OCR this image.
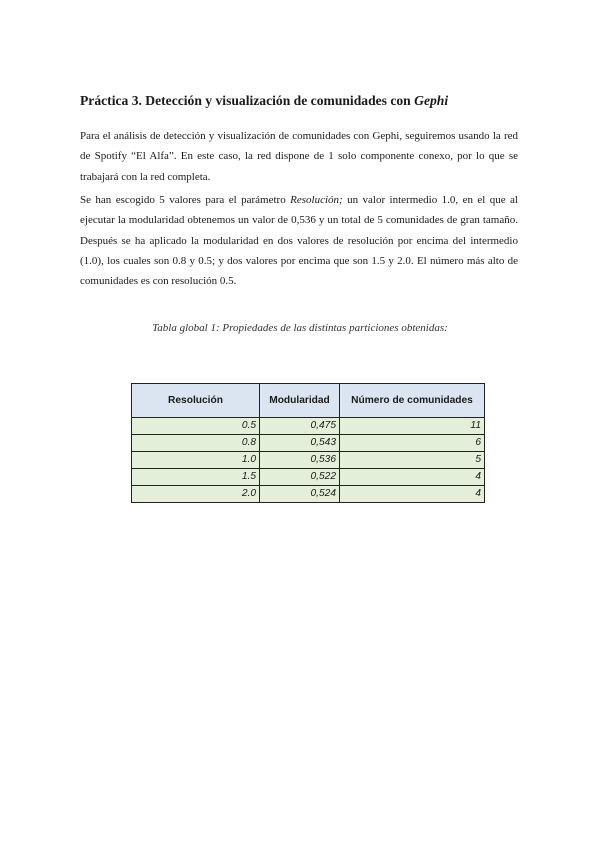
Práctica 3. Detección y visualización de comunidades con Gephi

Para el análisis de detección y visualización de comunidades con Gephi, seguiremos usando la red de Spotify “El Alfa”. En este caso, la red dispone de 1 solo componente conexo, por lo que se trabajará con la red completa.

Se han escogido 5 valores para el parámetro Resolución; un valor intermedio 1.0, en el que al ejecutar la modularidad obtenemos un valor de 0,536 y un total de 5 comunidades de gran tamaño. Después se ha aplicado la modularidad en dos valores de resolución por encima del intermedio (1.0), los cuales son 0.8 y 0.5; y dos valores por encima que son 1.5 y 2.0. El número más alto de comunidades es con resolución 0.5.

Tabla global 1: Propiedades de las distintas particiones obtenidas:

Resolución	Modularidad	Número de comunidades
0.5	0,475	11
0.8	0,543	6
1.0	0,536	5
1.5	0,522	4
2.0	0,524	4
